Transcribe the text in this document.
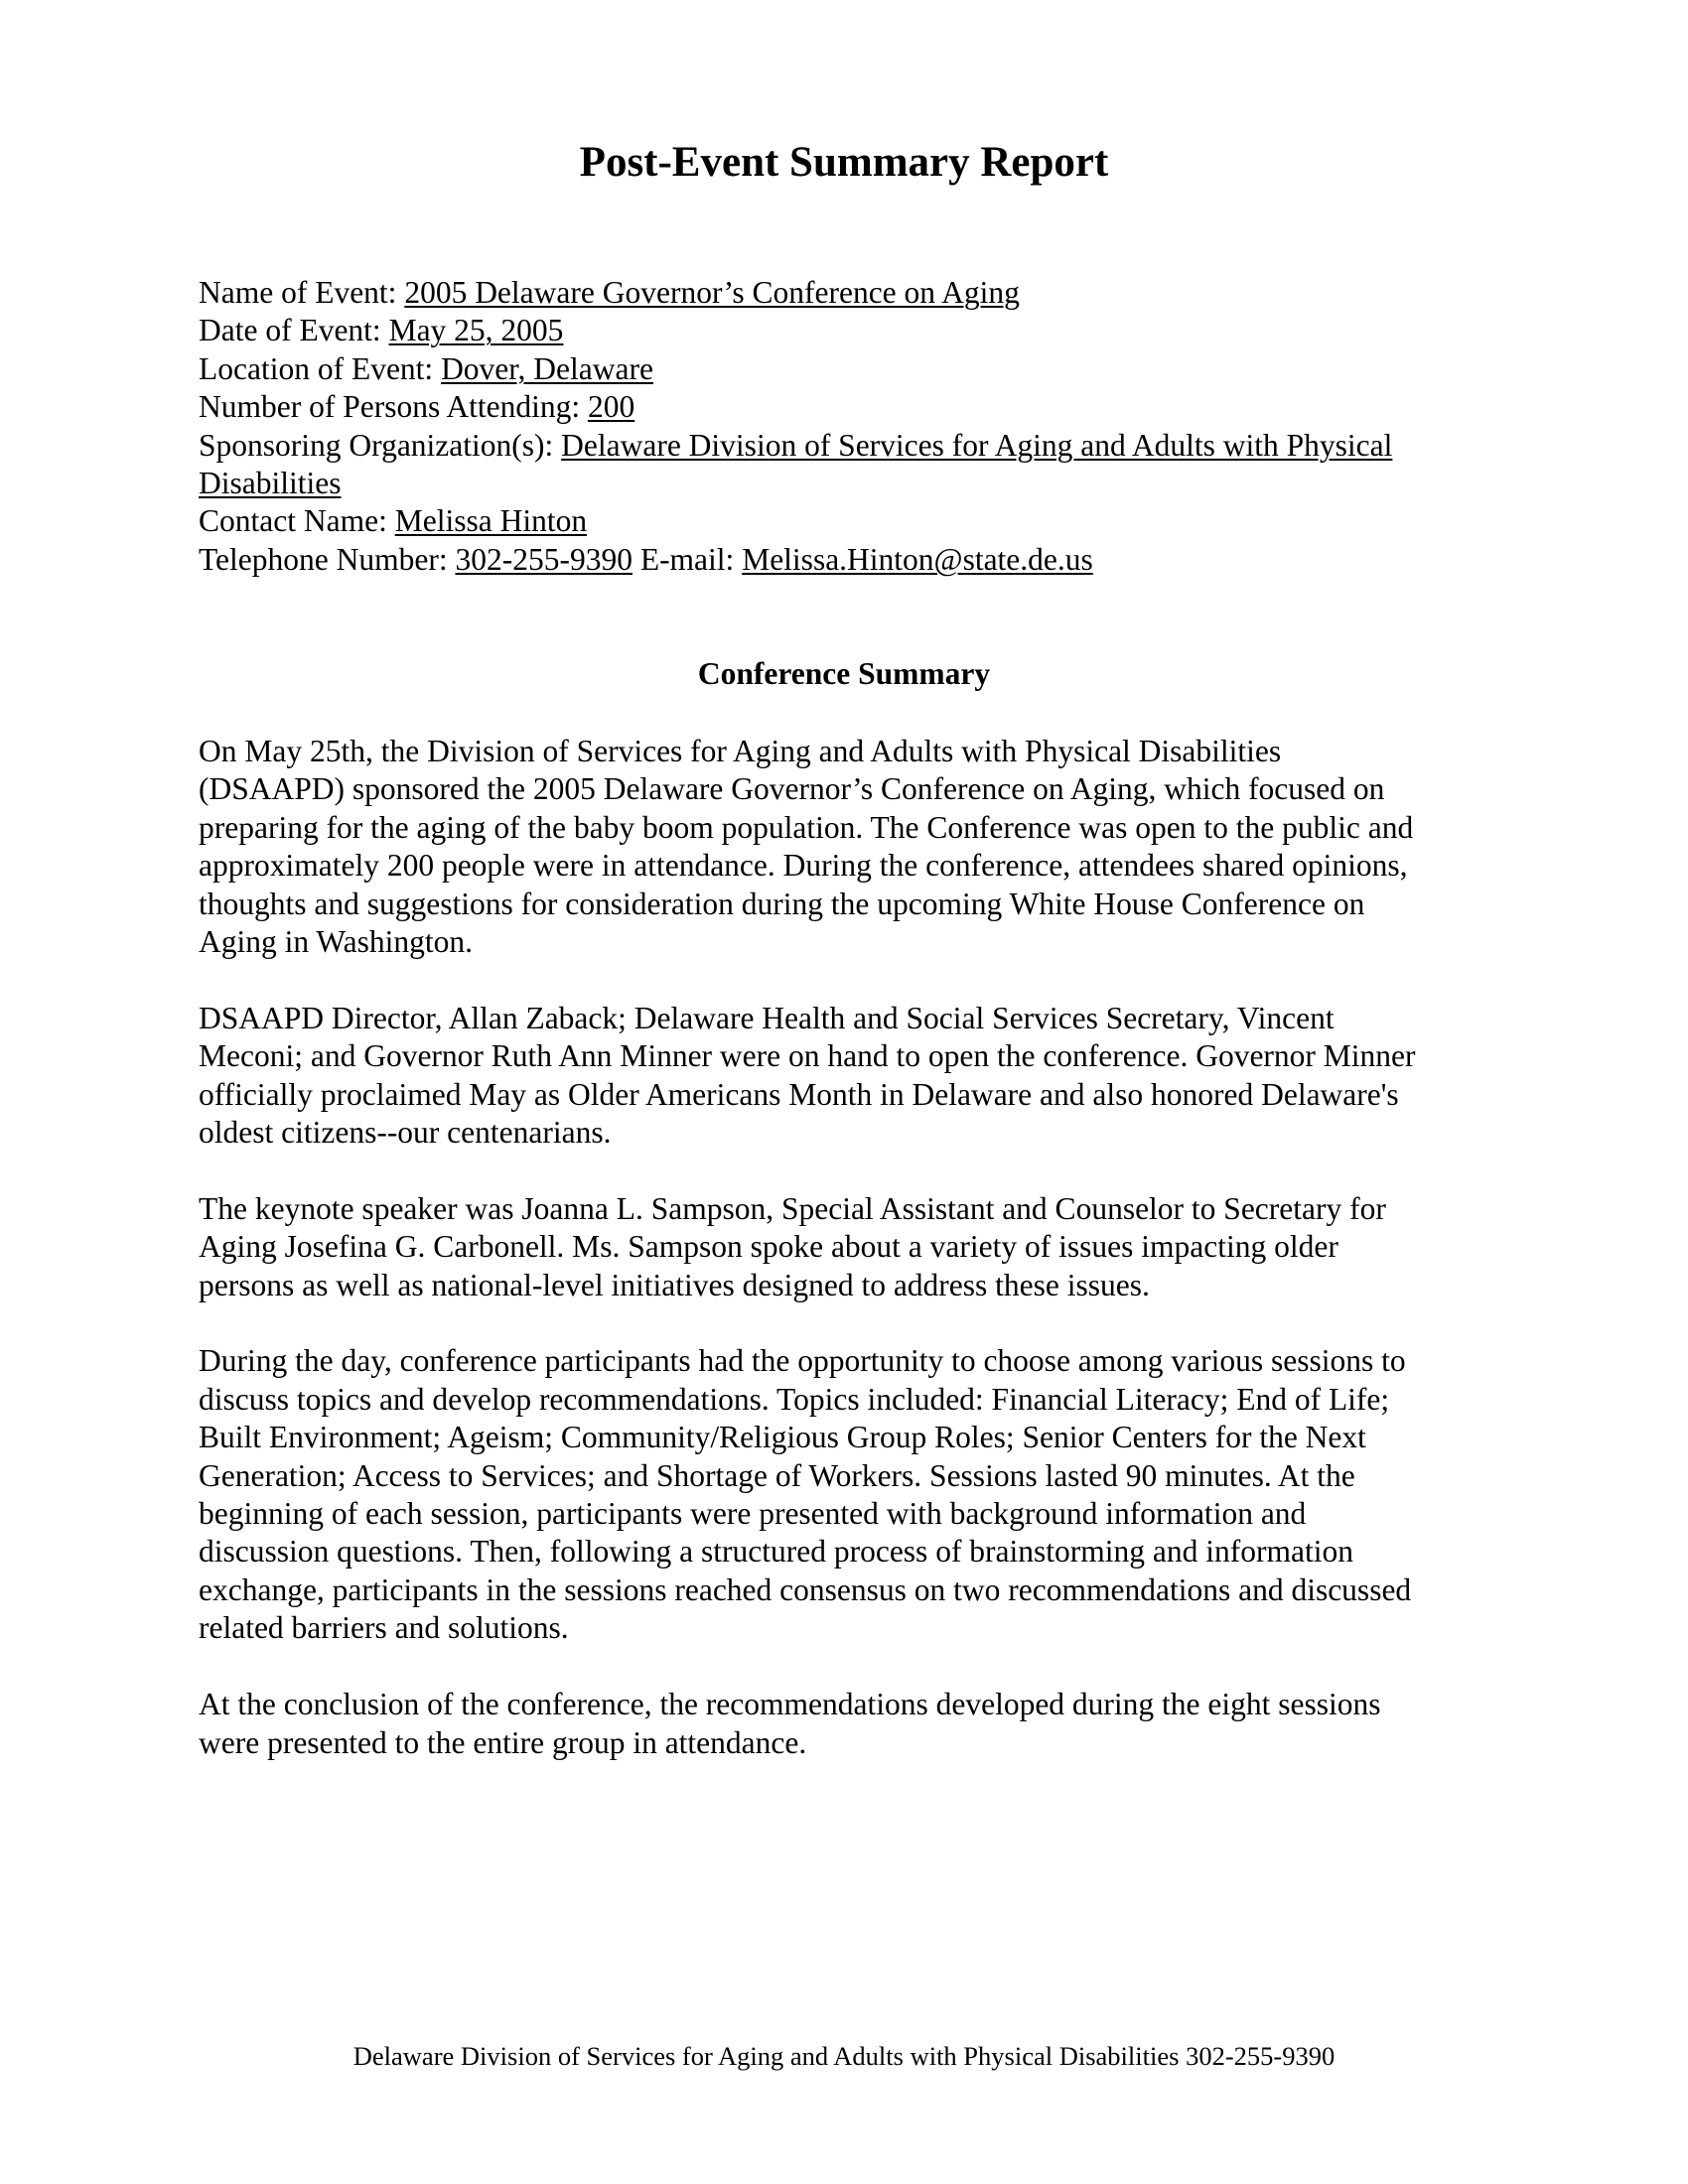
Post-Event Summary Report

Name of Event: 2005 Delaware Governor’s Conference on Aging

Date of Event: May 25, 2005

Location of Event: Dover, Delaware

Number of Persons Attending: 200

Sponsoring Organization(s): Delaware Division of Services for Aging and Adults with Physical
Disabilities

Contact Name: Melissa Hinton

Telephone Number: 302-255-9390 E-mail: Melissa.Hinton@state.de.us

Conference Summary

On May 25th, the Division of Services for Aging and Adults with Physical Disabilities
(DSAAPD) sponsored the 2005 Delaware Governor’s Conference on Aging, which focused on
preparing for the aging of the baby boom population. The Conference was open to the public and
approximately 200 people were in attendance. During the conference, attendees shared opinions,
thoughts and suggestions for consideration during the upcoming White House Conference on
Aging in Washington.

DSAAPD Director, Allan Zaback; Delaware Health and Social Services Secretary, Vincent
Meconi; and Governor Ruth Ann Minner were on hand to open the conference. Governor Minner
officially proclaimed May as Older Americans Month in Delaware and also honored Delaware's
oldest citizens--our centenarians.

The keynote speaker was Joanna L. Sampson, Special Assistant and Counselor to Secretary for
Aging Josefina G. Carbonell. Ms. Sampson spoke about a variety of issues impacting older
persons as well as national-level initiatives designed to address these issues.

During the day, conference participants had the opportunity to choose among various sessions to
discuss topics and develop recommendations. Topics included: Financial Literacy; End of Life;
Built Environment; Ageism; Community/Religious Group Roles; Senior Centers for the Next
Generation; Access to Services; and Shortage of Workers. Sessions lasted 90 minutes. At the
beginning of each session, participants were presented with background information and
discussion questions. Then, following a structured process of brainstorming and information
exchange, participants in the sessions reached consensus on two recommendations and discussed
related barriers and solutions.

At the conclusion of the conference, the recommendations developed during the eight sessions
were presented to the entire group in attendance.

Delaware Division of Services for Aging and Adults with Physical Disabilities 302-255-9390
